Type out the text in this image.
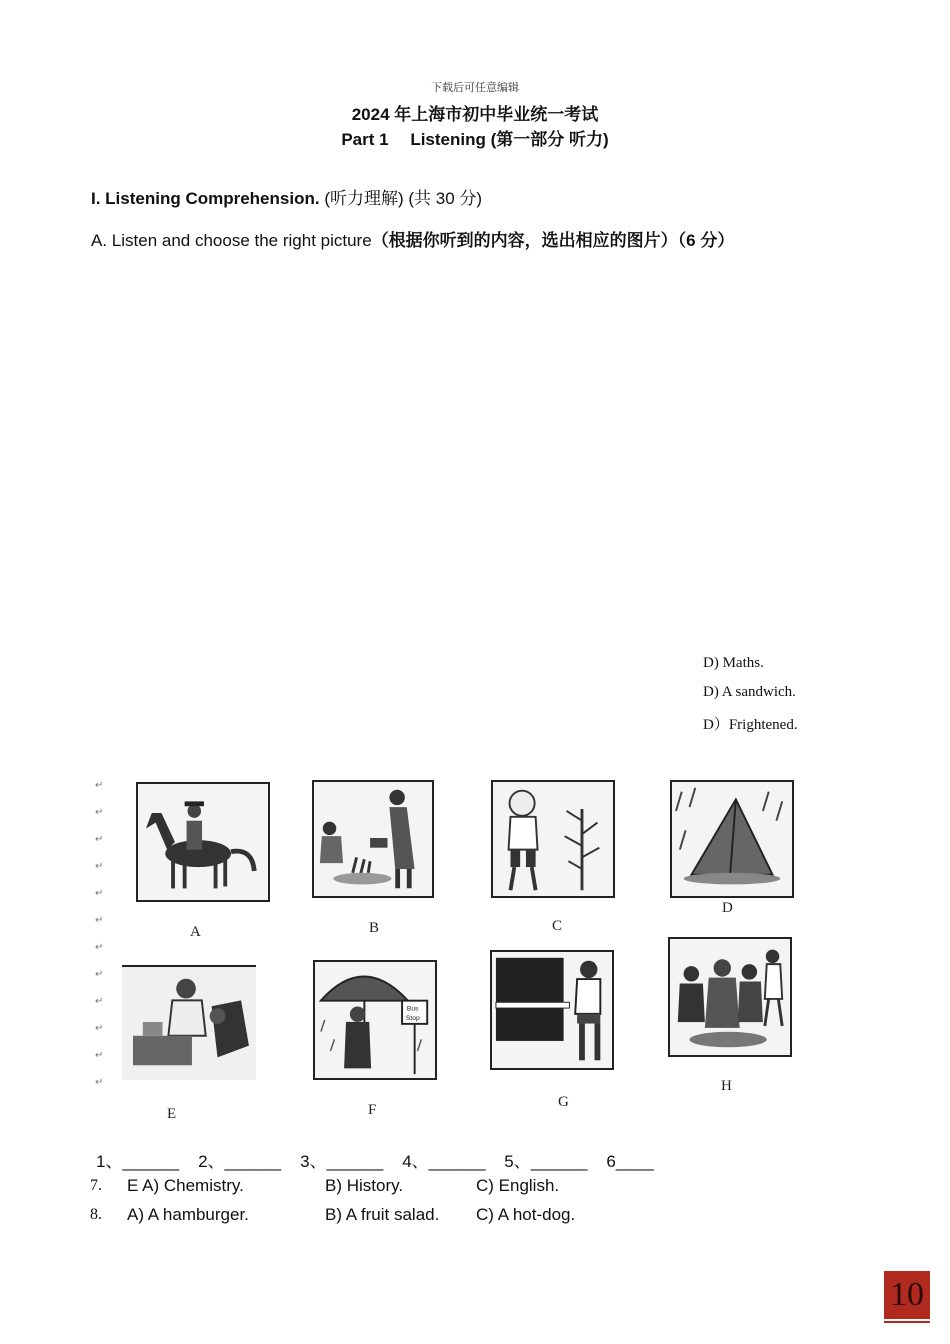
下载后可任意编辑
2024 年上海市初中毕业统一考试
Part 1　 Listening (第一部分 听力)
I. Listening Comprehension. (听力理解) (共 30 分)
A. Listen and choose the right picture（根据你听到的内容，选出相应的图片）（6 分）
D) Maths.
D) A sandwich.
D）Frightened.
↵
↵
↵
↵
↵
↵
↵
↵
↵
↵
↵
↵
A	B	C
D
E
Bus
Stop
F	G
H
1、______    2、______    3、______    4、______    5、______    6____
7. E A) Chemistry.	B) History.	C) English.
8. A) A hamburger.	B) A fruit salad. C) A hot-dog.
10
